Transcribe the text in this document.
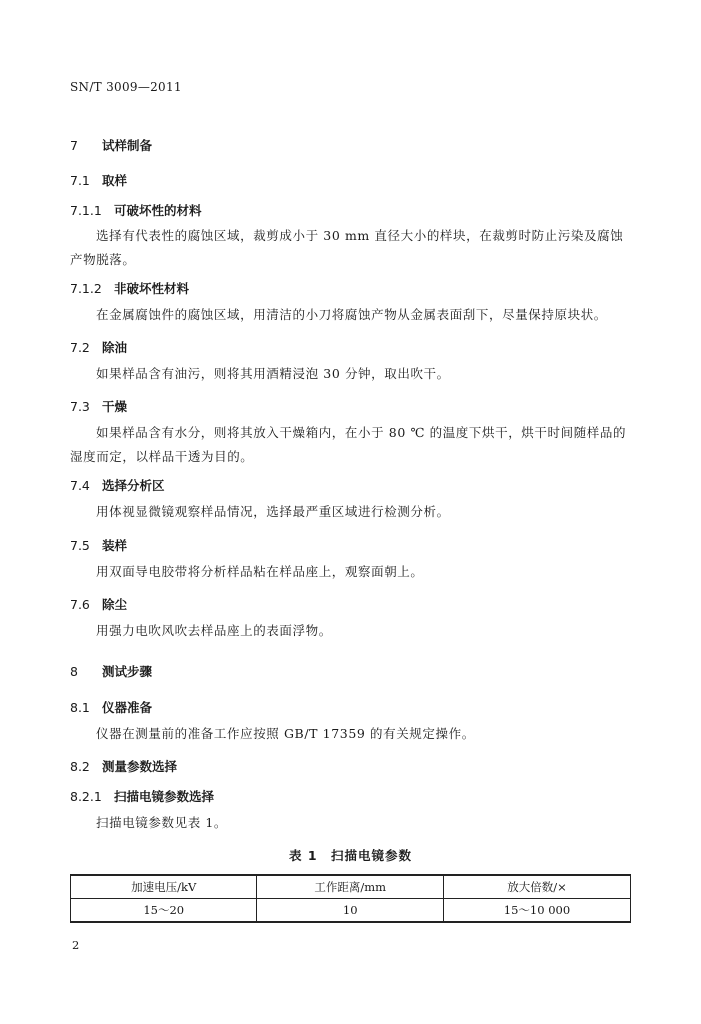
SN/T 3009—2011
7 试样制备
7.1 取样
7.1.1 可破坏性的材料
选择有代表性的腐蚀区域，裁剪成小于 30 mm 直径大小的样块，在裁剪时防止污染及腐蚀产物脱落。
7.1.2 非破坏性材料
在金属腐蚀件的腐蚀区域，用清洁的小刀将腐蚀产物从金属表面刮下，尽量保持原块状。
7.2 除油
如果样品含有油污，则将其用酒精浸泡 30 分钟，取出吹干。
7.3 干燥
如果样品含有水分，则将其放入干燥箱内，在小于 80 ℃ 的温度下烘干，烘干时间随样品的湿度而定，以样品干透为目的。
7.4 选择分析区
用体视显微镜观察样品情况，选择最严重区域进行检测分析。
7.5 装样
用双面导电胶带将分析样品粘在样品座上，观察面朝上。
7.6 除尘
用强力电吹风吹去样品座上的表面浮物。
8 测试步骤
8.1 仪器准备
仪器在测量前的准备工作应按照 GB/T 17359 的有关规定操作。
8.2 测量参数选择
8.2.1 扫描电镜参数选择
扫描电镜参数见表 1。
表 1　扫描电镜参数
加速电压/kV	工作距离/mm	放大倍数/×
15～20	10	15～10 000
2
